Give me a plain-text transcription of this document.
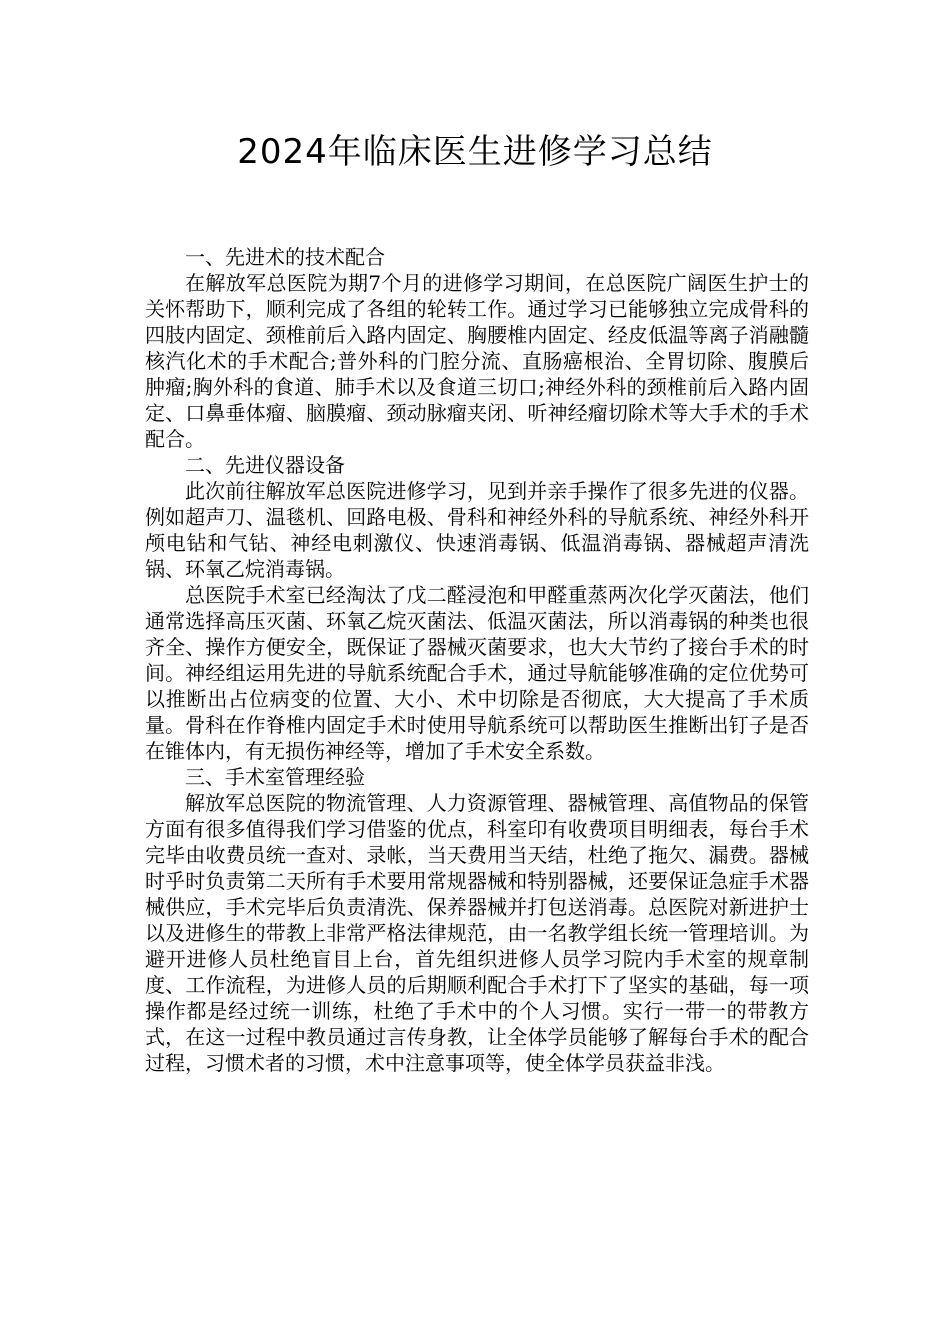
2024年临床医生进修学习总结

一、先进术的技术配合

在解放军总医院为期7个月的进修学习期间，在总医院广阔医生护士的关怀帮助下，顺利完成了各组的轮转工作。通过学习已能够独立完成骨科的四肢内固定、颈椎前后入路内固定、胸腰椎内固定、经皮低温等离子消融髓核汽化术的手术配合;普外科的门腔分流、直肠癌根治、全胃切除、腹膜后肿瘤;胸外科的食道、肺手术以及食道三切口;神经外科的颈椎前后入路内固定、口鼻垂体瘤、脑膜瘤、颈动脉瘤夹闭、听神经瘤切除术等大手术的手术配合。

二、先进仪器设备

此次前往解放军总医院进修学习，见到并亲手操作了很多先进的仪器。例如超声刀、温毯机、回路电极、骨科和神经外科的导航系统、神经外科开颅电钻和气钻、神经电刺激仪、快速消毒锅、低温消毒锅、器械超声清洗锅、环氧乙烷消毒锅。

总医院手术室已经淘汰了戊二醛浸泡和甲醛重蒸两次化学灭菌法，他们通常选择高压灭菌、环氧乙烷灭菌法、低温灭菌法，所以消毒锅的种类也很齐全、操作方便安全，既保证了器械灭菌要求，也大大节约了接台手术的时间。神经组运用先进的导航系统配合手术，通过导航能够准确的定位优势可以推断出占位病变的位置、大小、术中切除是否彻底，大大提高了手术质量。骨科在作脊椎内固定手术时使用导航系统可以帮助医生推断出钉子是否在锥体内，有无损伤神经等，增加了手术安全系数。

三、手术室管理经验

解放军总医院的物流管理、人力资源管理、器械管理、高值物品的保管方面有很多值得我们学习借鉴的优点，科室印有收费项目明细表，每台手术完毕由收费员统一查对、录帐，当天费用当天结，杜绝了拖欠、漏费。器械时乎时负责第二天所有手术要用常规器械和特别器械，还要保证急症手术器械供应，手术完毕后负责清洗、保养器械并打包送消毒。总医院对新进护士以及进修生的带教上非常严格法律规范，由一名教学组长统一管理培训。为避开进修人员杜绝盲目上台，首先组织进修人员学习院内手术室的规章制度、工作流程，为进修人员的后期顺利配合手术打下了坚实的基础，每一项操作都是经过统一训练，杜绝了手术中的个人习惯。实行一带一的带教方式，在这一过程中教员通过言传身教，让全体学员能够了解每台手术的配合过程，习惯术者的习惯，术中注意事项等，使全体学员获益非浅。
